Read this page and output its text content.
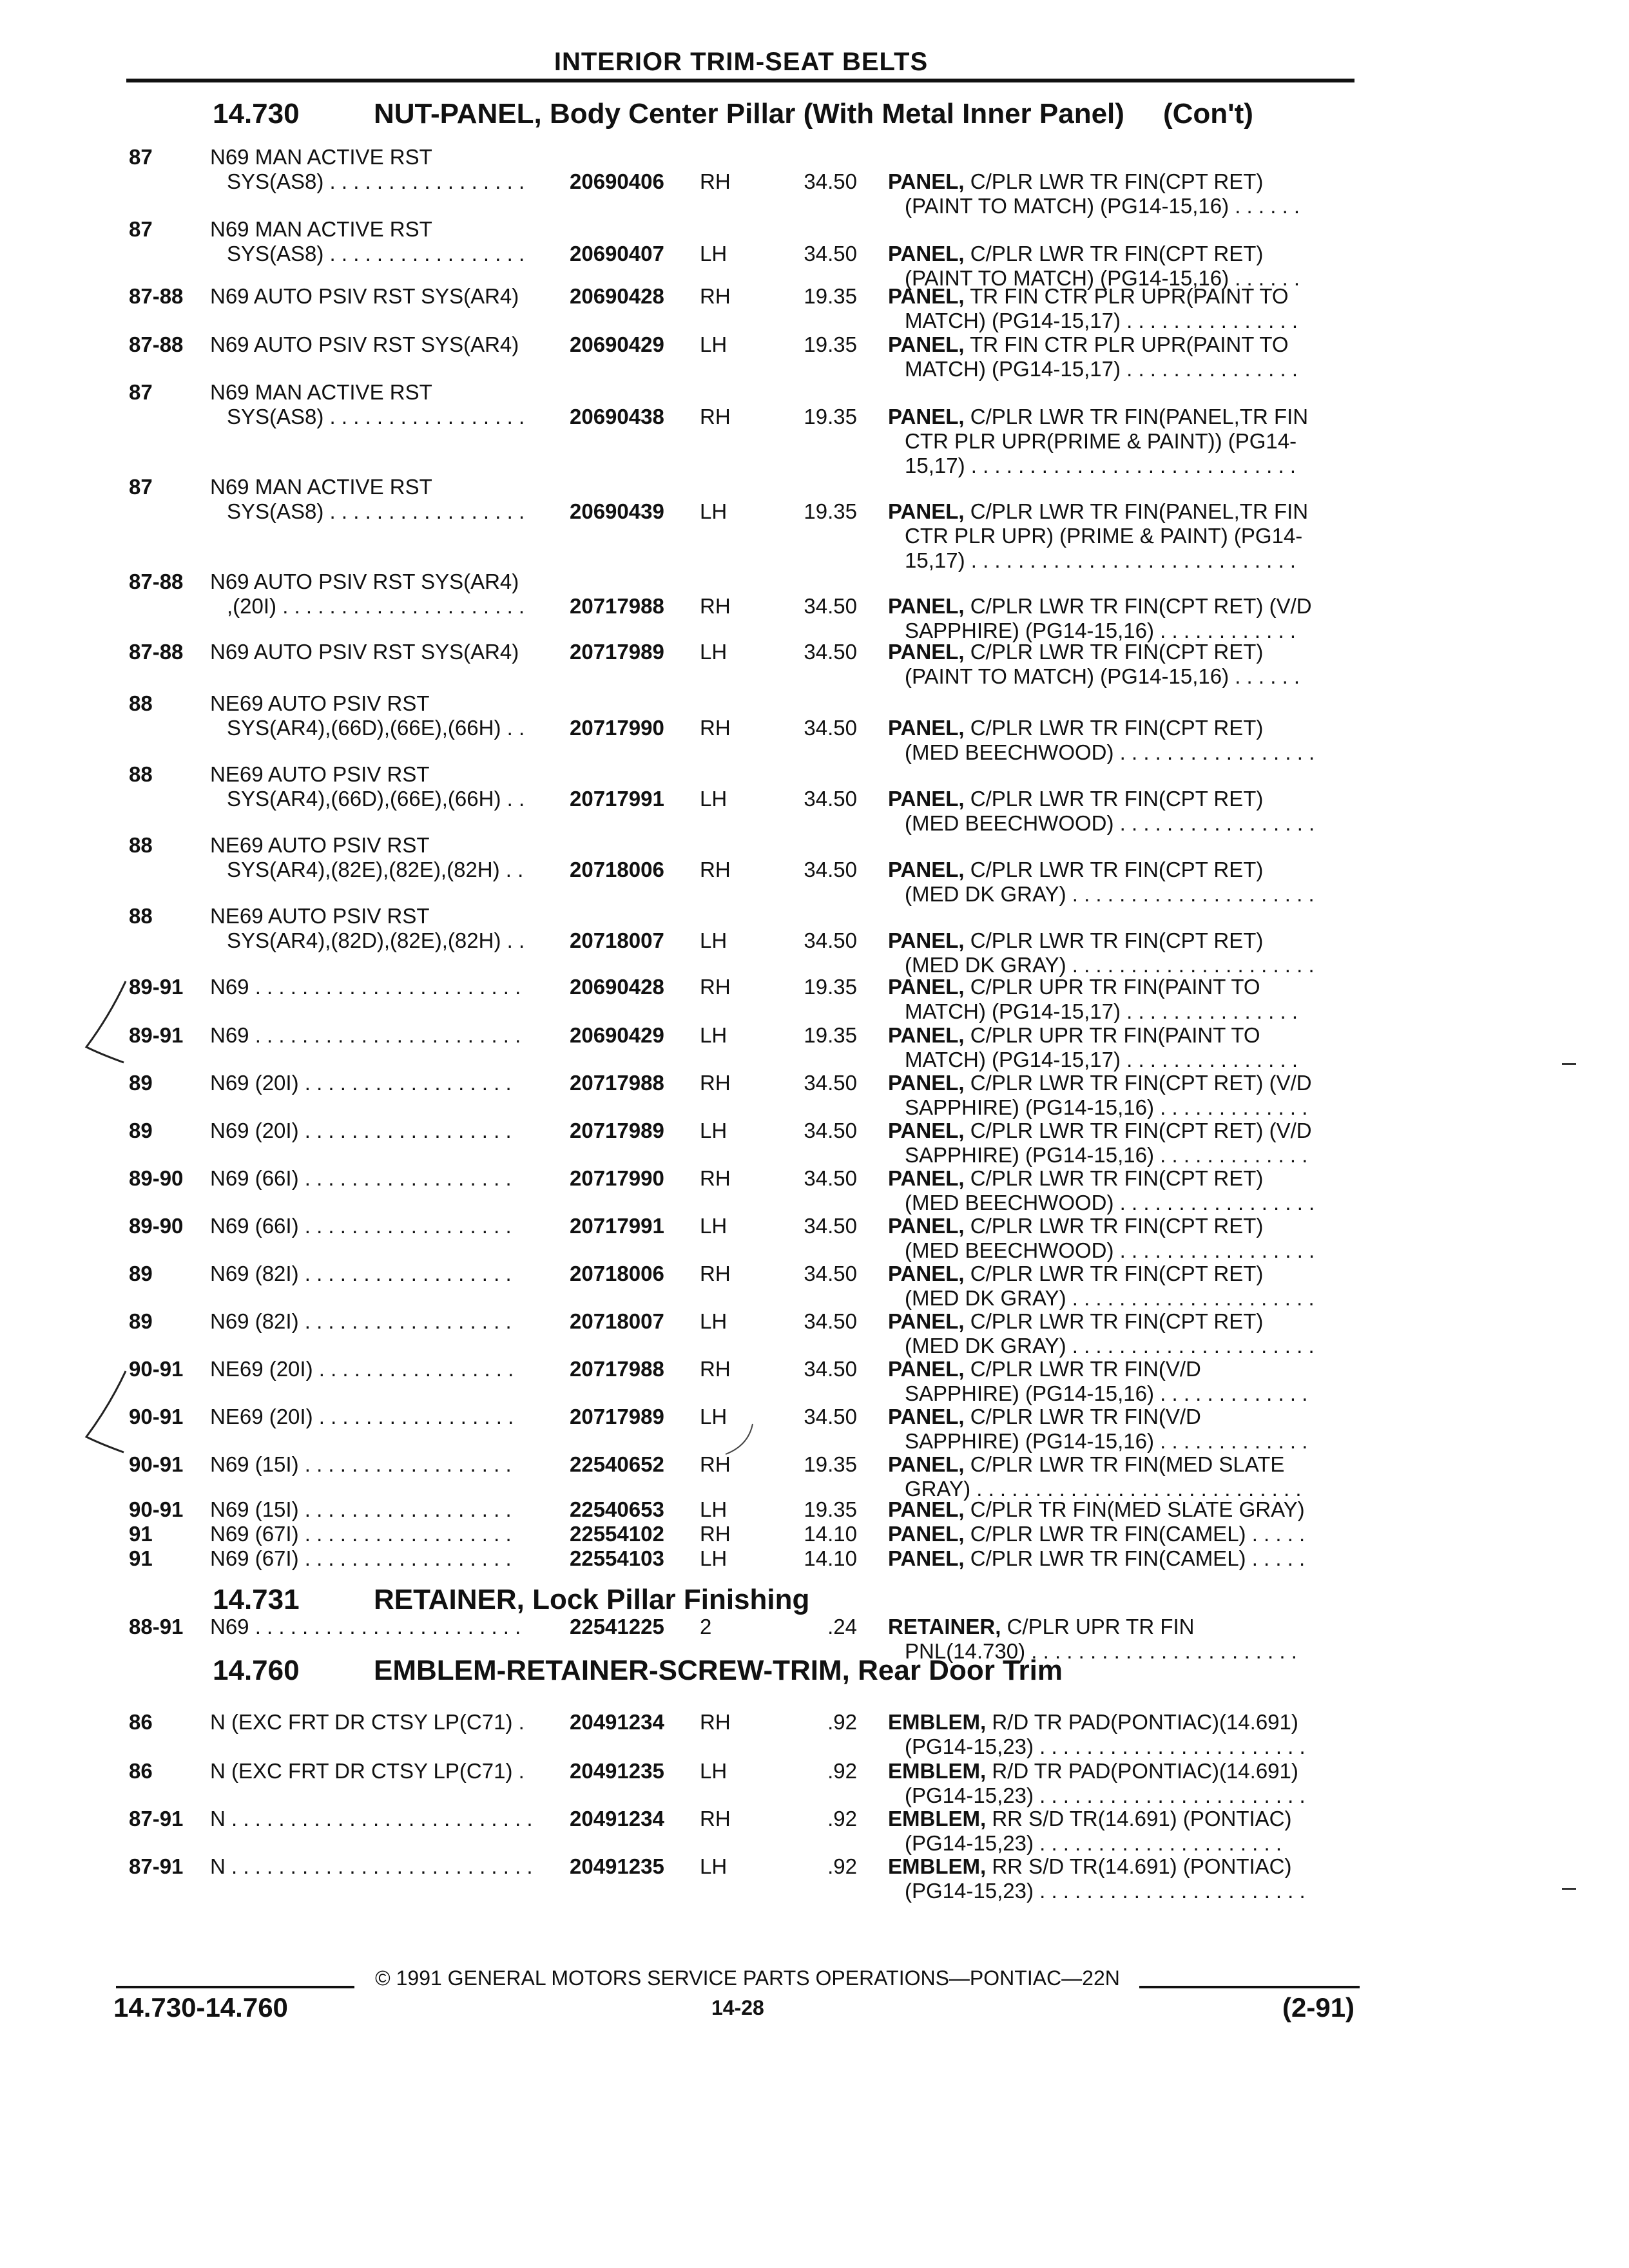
INTERIOR TRIM-SEAT BELTS
14.730	NUT-PANEL, Body Center Pillar (With Metal Inner Panel) (Con't)
87	N69 MAN ACTIVE RST
SYS(AS8) . . . . . . . . . . . . . . . . .	20690406	RH	34.50 PANEL, C/PLR LWR TR FIN(CPT RET)
(PAINT TO MATCH) (PG14-15,16) . . . . . .
87	N69 MAN ACTIVE RST
SYS(AS8) . . . . . . . . . . . . . . . . .	20690407	LH	34.50 PANEL, C/PLR LWR TR FIN(CPT RET)
(PAINT TO MATCH) (PG14-15,16) . . . . . .
87-88	N69 AUTO PSIV RST SYS(AR4)	20690428	RH	19.35 PANEL, TR FIN CTR PLR UPR(PAINT TO
MATCH) (PG14-15,17) . . . . . . . . . . . . . . .
87-88	N69 AUTO PSIV RST SYS(AR4)	20690429	LH	19.35 PANEL, TR FIN CTR PLR UPR(PAINT TO
MATCH) (PG14-15,17) . . . . . . . . . . . . . . .
87	N69 MAN ACTIVE RST
SYS(AS8) . . . . . . . . . . . . . . . . .	20690438	RH	19.35 PANEL, C/PLR LWR TR FIN(PANEL,TR FIN
CTR PLR UPR(PRIME & PAINT)) (PG14-
15,17) . . . . . . . . . . . . . . . . . . . . . . . . . . . .
87	N69 MAN ACTIVE RST
SYS(AS8) . . . . . . . . . . . . . . . . .	20690439	LH	19.35 PANEL, C/PLR LWR TR FIN(PANEL,TR FIN
CTR PLR UPR) (PRIME & PAINT) (PG14-
15,17) . . . . . . . . . . . . . . . . . . . . . . . . . . . .
87-88	N69 AUTO PSIV RST SYS(AR4)
,(20I) . . . . . . . . . . . . . . . . . . . . .	20717988	RH	34.50 PANEL, C/PLR LWR TR FIN(CPT RET) (V/D
SAPPHIRE) (PG14-15,16) . . . . . . . . . . . .
87-88	N69 AUTO PSIV RST SYS(AR4)	20717989	LH	34.50 PANEL, C/PLR LWR TR FIN(CPT RET)
(PAINT TO MATCH) (PG14-15,16) . . . . . .
88	NE69 AUTO PSIV RST
SYS(AR4),(66D),(66E),(66H) . .	20717990	RH	34.50 PANEL, C/PLR LWR TR FIN(CPT RET)
(MED BEECHWOOD) . . . . . . . . . . . . . . . . .
88	NE69 AUTO PSIV RST
SYS(AR4),(66D),(66E),(66H) . .	20717991	LH	34.50 PANEL, C/PLR LWR TR FIN(CPT RET)
(MED BEECHWOOD) . . . . . . . . . . . . . . . . .
88	NE69 AUTO PSIV RST
SYS(AR4),(82E),(82E),(82H) . .	20718006	RH	34.50 PANEL, C/PLR LWR TR FIN(CPT RET)
(MED DK GRAY) . . . . . . . . . . . . . . . . . . . . .
88	NE69 AUTO PSIV RST
SYS(AR4),(82D),(82E),(82H) . .	20718007	LH	34.50 PANEL, C/PLR LWR TR FIN(CPT RET)
(MED DK GRAY) . . . . . . . . . . . . . . . . . . . . .
89-91	N69 . . . . . . . . . . . . . . . . . . . . . . .	20690428	RH	19.35 PANEL, C/PLR UPR TR FIN(PAINT TO
MATCH) (PG14-15,17) . . . . . . . . . . . . . . .
89-91	N69 . . . . . . . . . . . . . . . . . . . . . . .	20690429	LH	19.35 PANEL, C/PLR UPR TR FIN(PAINT TO
MATCH) (PG14-15,17) . . . . . . . . . . . . . . .
89	N69 (20I) . . . . . . . . . . . . . . . . . .	20717988	RH	34.50 PANEL, C/PLR LWR TR FIN(CPT RET) (V/D
SAPPHIRE) (PG14-15,16) . . . . . . . . . . . . .
89	N69 (20I) . . . . . . . . . . . . . . . . . .	20717989	LH	34.50 PANEL, C/PLR LWR TR FIN(CPT RET) (V/D
SAPPHIRE) (PG14-15,16) . . . . . . . . . . . . .
89-90	N69 (66I) . . . . . . . . . . . . . . . . . .	20717990	RH	34.50 PANEL, C/PLR LWR TR FIN(CPT RET)
(MED BEECHWOOD) . . . . . . . . . . . . . . . . .
89-90	N69 (66I) . . . . . . . . . . . . . . . . . .	20717991	LH	34.50 PANEL, C/PLR LWR TR FIN(CPT RET)
(MED BEECHWOOD) . . . . . . . . . . . . . . . . .
89	N69 (82I) . . . . . . . . . . . . . . . . . .	20718006	RH	34.50 PANEL, C/PLR LWR TR FIN(CPT RET)
(MED DK GRAY) . . . . . . . . . . . . . . . . . . . . .
89	N69 (82I) . . . . . . . . . . . . . . . . . .	20718007	LH	34.50 PANEL, C/PLR LWR TR FIN(CPT RET)
(MED DK GRAY) . . . . . . . . . . . . . . . . . . . . .
90-91	NE69 (20I) . . . . . . . . . . . . . . . . .	20717988	RH	34.50 PANEL, C/PLR LWR TR FIN(V/D
SAPPHIRE) (PG14-15,16) . . . . . . . . . . . . .
90-91	NE69 (20I) . . . . . . . . . . . . . . . . .	20717989	LH	34.50 PANEL, C/PLR LWR TR FIN(V/D
SAPPHIRE) (PG14-15,16) . . . . . . . . . . . . .
90-91	N69 (15I) . . . . . . . . . . . . . . . . . .	22540652	RH	19.35 PANEL, C/PLR LWR TR FIN(MED SLATE
GRAY) . . . . . . . . . . . . . . . . . . . . . . . . . . . .
90-91	N69 (15I) . . . . . . . . . . . . . . . . . .	22540653	LH	19.35 PANEL, C/PLR TR FIN(MED SLATE GRAY)
91	N69 (67I) . . . . . . . . . . . . . . . . . .	22554102	RH	14.10 PANEL, C/PLR LWR TR FIN(CAMEL) . . . . .
91	N69 (67I) . . . . . . . . . . . . . . . . . .	22554103	LH	14.10 PANEL, C/PLR LWR TR FIN(CAMEL) . . . . .
14.731	RETAINER, Lock Pillar Finishing
88-91	N69 . . . . . . . . . . . . . . . . . . . . . . .	22541225	2	.24 RETAINER, C/PLR UPR TR FIN
PNL(14.730) . . . . . . . . . . . . . . . . . . . . . . .
14.760	EMBLEM-RETAINER-SCREW-TRIM, Rear Door Trim
86	N (EXC FRT DR CTSY LP(C71) .	20491234	RH	.92 EMBLEM, R/D TR PAD(PONTIAC)(14.691)
(PG14-15,23) . . . . . . . . . . . . . . . . . . . . . . .
86	N (EXC FRT DR CTSY LP(C71) .	20491235	LH	.92 EMBLEM, R/D TR PAD(PONTIAC)(14.691)
(PG14-15,23) . . . . . . . . . . . . . . . . . . . . . . .
87-91	N . . . . . . . . . . . . . . . . . . . . . . . . . .	20491234	RH	.92 EMBLEM, RR S/D TR(14.691) (PONTIAC)
(PG14-15,23) . . . . . . . . . . . . . . . . . . . . .
87-91	N . . . . . . . . . . . . . . . . . . . . . . . . . .	20491235	LH	.92 EMBLEM, RR S/D TR(14.691) (PONTIAC)
(PG14-15,23) . . . . . . . . . . . . . . . . . . . . . . .
© 1991 GENERAL MOTORS SERVICE PARTS OPERATIONS—PONTIAC—22N
14.730-14.760	14-28	(2-91)
